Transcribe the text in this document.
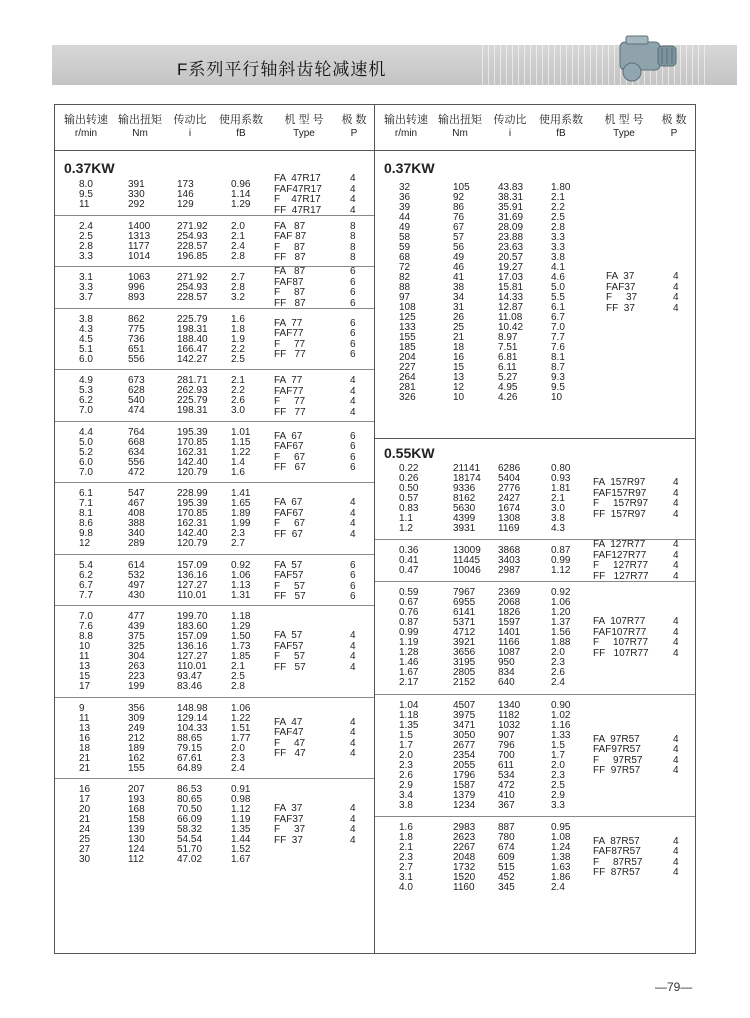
F系列平行轴斜齿轮减速机
输出转速
r/min
输出扭矩
Nm
传动比
i
使用系数
fB
机 型 号
Type
极 数
P
输出转速
r/min
输出扭矩
Nm
传动比
i
使用系数
fB
机 型 号
Type
极 数
P
0.37KW	0.37KW
0.55KW
8.0
9.5
11
391
330
292
173
146
129
0.96
1.14
1.29
FA  47R17
FAF47R17
F    47R17
FF  47R17
4
4
4
4
2.4
2.5
2.8
3.3
1400
1313
1177
1014
271.92
254.93
228.57
196.85
2.0
2.1
2.4
2.8
FA   87
FAF 87
F     87
FF   87
8
8
8
8
3.1
3.3
3.7
1063
996
893
271.92
254.93
228.57
2.7
2.8
3.2
FA   87
FAF87
F     87
FF   87
6
6
6
6
3.8
4.3
4.5
5.1
6.0
862
775
736
651
556
225.79
198.31
188.40
166.47
142.27
1.6
1.8
1.9
2.2
2.5
FA  77
FAF77
F     77
FF   77
6
6
6
6
4.9
5.3
6.2
7.0
673
628
540
474
281.71
262.93
225.79
198.31
2.1
2.2
2.6
3.0
FA  77
FAF77
F     77
FF   77
4
4
4
4
4.4
5.0
5.2
6.0
7.0
764
668
634
556
472
195.39
170.85
162.31
142.40
120.79
1.01
1.15
1.22
1.4
1.6
FA  67
FAF67
F     67
FF   67
6
6
6
6
6.1
7.1
8.1
8.6
9.8
12
547
467
408
388
340
289
228.99
195.39
170.85
162.31
142.40
120.79
1.41
1.65
1.89
1.99
2.3
2.7
FA  67
FAF67
F     67
FF  67
4
4
4
4
5.4
6.2
6.7
7.7
614
532
497
430
157.09
136.16
127.27
110.01
0.92
1.06
1.13
1.31
FA  57
FAF57
F     57
FF   57
6
6
6
6
7.0
7.6
8.8
10
11
13
15
17
477
439
375
325
304
263
223
199
199.70
183.60
157.09
136.16
127.27
110.01
93.47
83.46
1.18
1.29
1.50
1.73
1.85
2.1
2.5
2.8
FA  57
FAF57
F     57
FF   57
4
4
4
4
9
11
13
16
18
21
21
356
309
249
212
189
162
155
148.98
129.14
104.33
88.65
79.15
67.61
64.89
1.06
1.22
1.51
1.77
2.0
2.3
2.4
FA  47
FAF47
F     47
FF   47
4
4
4
4
16
17
20
21
24
25
27
30
207
193
168
158
139
130
124
112
86.53
80.65
70.50
66.09
58.32
54.54
51.70
47.02
0.91
0.98
1.12
1.19
1.35
1.44
1.52
1.67
FA  37
FAF37
F     37
FF  37
4
4
4
4
32
36
39
44
49
58
59
68
72
82
88
97
108
125
133
155
185
204
227
264
281
326
105
92
86
76
67
57
56
49
46
41
38
34
31
26
25
21
18
16
15
13
12
10
43.83
38.31
35.91
31.69
28.09
23.88
23.63
20.57
19.27
17.03
15.81
14.33
12.87
11.08
10.42
8.97
7.51
6.81
6.11
5.27
4.95
4.26
1.80
2.1
2.2
2.5
2.8
3.3
3.3
3.8
4.1
4.6
5.0
5.5
6.1
6.7
7.0
7.7
7.6
8.1
8.7
9.3
9.5
10
FA  37
FAF37
F     37
FF  37
4
4
4
4
0.22
0.26
0.50
0.57
0.83
1.1
1.2
21141
18174
9336
8162
5630
4399
3931
6286
5404
2776
2427
1674
1308
1169
0.80
0.93
1.81
2.1
3.0
3.8
4.3
FA  157R97
FAF157R97
F     157R97
FF  157R97
4
4
4
4
0.36
0.41
0.47
13009
11445
10046
3868
3403
2987
0.87
0.99
1.12
FA  127R77
FAF127R77
F     127R77
FF   127R77
4
4
4
4
0.59
0.67
0.76
0.87
0.99
1.19
1.28
1.46
1.67
2.17
7967
6955
6141
5371
4712
3921
3656
3195
2805
2152
2369
2068
1826
1597
1401
1166
1087
950
834
640
0.92
1.06
1.20
1.37
1.56
1.88
2.0
2.3
2.6
2.4
FA  107R77
FAF107R77
F     107R77
FF   107R77
4
4
4
4
1.04
1.18
1.35
1.5
1.7
2.0
2.3
2.6
2.9
3.4
3.8
4507
3975
3471
3050
2677
2354
2055
1796
1587
1379
1234
1340
1182
1032
907
796
700
611
534
472
410
367
0.90
1.02
1.16
1.33
1.5
1.7
2.0
2.3
2.5
2.9
3.3
FA  97R57
FAF97R57
F     97R57
FF  97R57
4
4
4
4
1.6
1.8
2.1
2.3
2.7
3.1
4.0
2983
2623
2267
2048
1732
1520
1160
887
780
674
609
515
452
345
0.95
1.08
1.24
1.38
1.63
1.86
2.4
FA  87R57
FAF87R57
F     87R57
FF  87R57
4
4
4
4
—79—
